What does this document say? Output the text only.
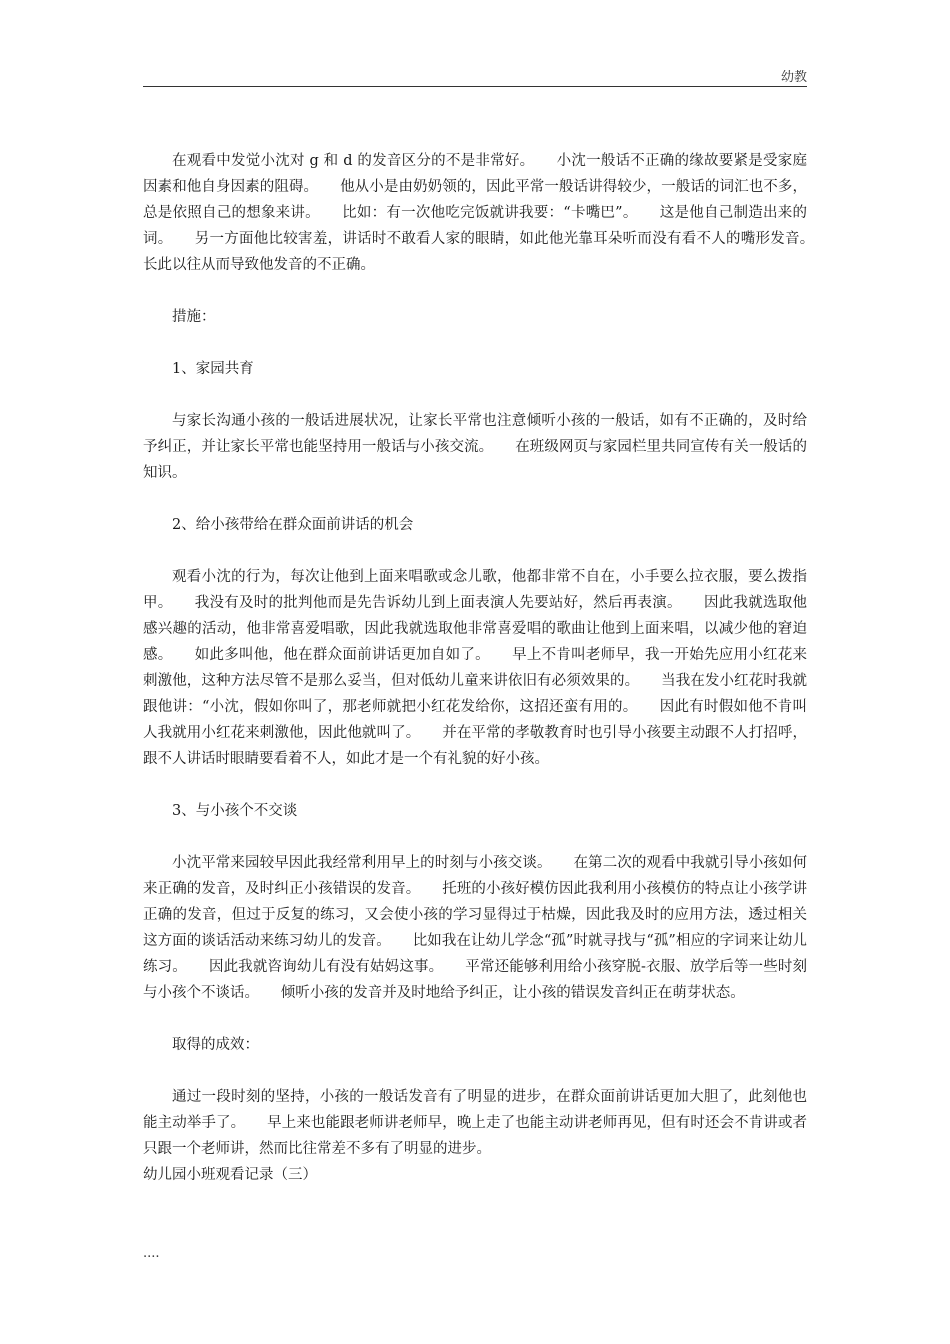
幼教

在观看中发觉小沈对 g 和 d 的发音区分的不是非常好。　　小沈一般话不正确的缘故要紧是受家庭因素和他自身因素的阻碍。　　他从小是由奶奶领的，因此平常一般话讲得较少，一般话的词汇也不多，总是依照自己的想象来讲。　　比如：有一次他吃完饭就讲我要：“卡嘴巴”。　　这是他自己制造出来的词。　　另一方面他比较害羞，讲话时不敢看人家的眼睛，如此他光靠耳朵听而没有看不人的嘴形发音。　　长此以往从而导致他发音的不正确。

措施：

1、家园共育

与家长沟通小孩的一般话进展状况，让家长平常也注意倾听小孩的一般话，如有不正确的，及时给予纠正，并让家长平常也能坚持用一般话与小孩交流。　　在班级网页与家园栏里共同宣传有关一般话的知识。

2、给小孩带给在群众面前讲话的机会

观看小沈的行为，每次让他到上面来唱歌或念儿歌，他都非常不自在，小手要么拉衣服，要么拨指甲。　　我没有及时的批判他而是先告诉幼儿到上面表演人先要站好，然后再表演。　　因此我就选取他感兴趣的活动，他非常喜爱唱歌，因此我就选取他非常喜爱唱的歌曲让他到上面来唱，以减少他的窘迫感。　　如此多叫他，他在群众面前讲话更加自如了。　　早上不肯叫老师早，我一开始先应用小红花来刺激他，这种方法尽管不是那么妥当，但对低幼儿童来讲依旧有必须效果的。　　当我在发小红花时我就跟他讲：“小沈，假如你叫了，那老师就把小红花发给你，这招还蛮有用的。　　因此有时假如他不肯叫人我就用小红花来刺激他，因此他就叫了。　　并在平常的孝敬教育时也引导小孩要主动跟不人打招呼，跟不人讲话时眼睛要看着不人，如此才是一个有礼貌的好小孩。

3、与小孩个不交谈

小沈平常来园较早因此我经常利用早上的时刻与小孩交谈。　　在第二次的观看中我就引导小孩如何来正确的发音，及时纠正小孩错误的发音。　　托班的小孩好模仿因此我利用小孩模仿的特点让小孩学讲正确的发音，但过于反复的练习，又会使小孩的学习显得过于枯燥，因此我及时的应用方法，透过相关这方面的谈话活动来练习幼儿的发音。　　比如我在让幼儿学念“孤”时就寻找与“孤”相应的字词来让幼儿练习。　　因此我就咨询幼儿有没有姑妈这事。　　平常还能够利用给小孩穿脱-衣服、放学后等一些时刻与小孩个不谈话。　　倾听小孩的发音并及时地给予纠正，让小孩的错误发音纠正在萌芽状态。

取得的成效：

通过一段时刻的坚持，小孩的一般话发音有了明显的进步，在群众面前讲话更加大胆了，此刻他也能主动举手了。　　早上来也能跟老师讲老师早，晚上走了也能主动讲老师再见，但有时还会不肯讲或者只跟一个老师讲，然而比往常差不多有了明显的进步。

幼儿园小班观看记录（三）

....
